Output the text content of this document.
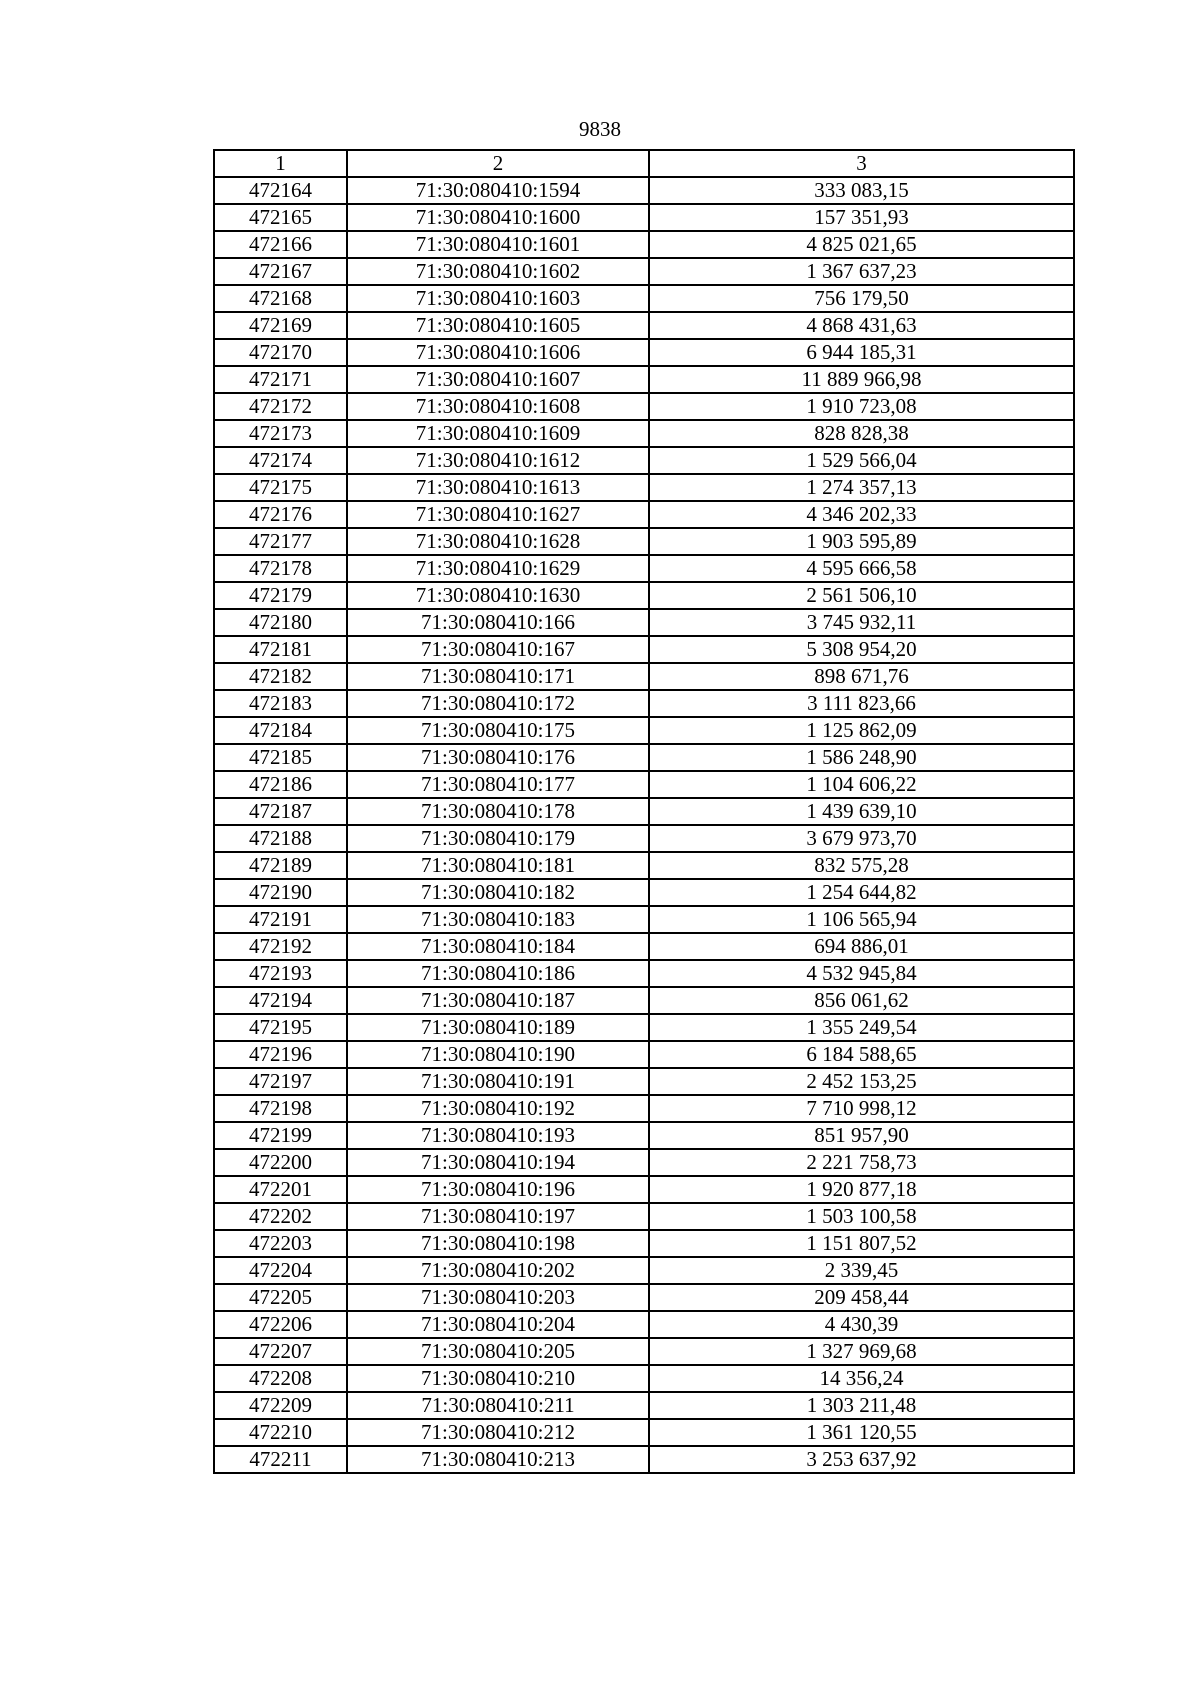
9838
1	2	3
472164	71:30:080410:1594	333 083,15
472165	71:30:080410:1600	157 351,93
472166	71:30:080410:1601	4 825 021,65
472167	71:30:080410:1602	1 367 637,23
472168	71:30:080410:1603	756 179,50
472169	71:30:080410:1605	4 868 431,63
472170	71:30:080410:1606	6 944 185,31
472171	71:30:080410:1607	11 889 966,98
472172	71:30:080410:1608	1 910 723,08
472173	71:30:080410:1609	828 828,38
472174	71:30:080410:1612	1 529 566,04
472175	71:30:080410:1613	1 274 357,13
472176	71:30:080410:1627	4 346 202,33
472177	71:30:080410:1628	1 903 595,89
472178	71:30:080410:1629	4 595 666,58
472179	71:30:080410:1630	2 561 506,10
472180	71:30:080410:166	3 745 932,11
472181	71:30:080410:167	5 308 954,20
472182	71:30:080410:171	898 671,76
472183	71:30:080410:172	3 111 823,66
472184	71:30:080410:175	1 125 862,09
472185	71:30:080410:176	1 586 248,90
472186	71:30:080410:177	1 104 606,22
472187	71:30:080410:178	1 439 639,10
472188	71:30:080410:179	3 679 973,70
472189	71:30:080410:181	832 575,28
472190	71:30:080410:182	1 254 644,82
472191	71:30:080410:183	1 106 565,94
472192	71:30:080410:184	694 886,01
472193	71:30:080410:186	4 532 945,84
472194	71:30:080410:187	856 061,62
472195	71:30:080410:189	1 355 249,54
472196	71:30:080410:190	6 184 588,65
472197	71:30:080410:191	2 452 153,25
472198	71:30:080410:192	7 710 998,12
472199	71:30:080410:193	851 957,90
472200	71:30:080410:194	2 221 758,73
472201	71:30:080410:196	1 920 877,18
472202	71:30:080410:197	1 503 100,58
472203	71:30:080410:198	1 151 807,52
472204	71:30:080410:202	2 339,45
472205	71:30:080410:203	209 458,44
472206	71:30:080410:204	4 430,39
472207	71:30:080410:205	1 327 969,68
472208	71:30:080410:210	14 356,24
472209	71:30:080410:211	1 303 211,48
472210	71:30:080410:212	1 361 120,55
472211	71:30:080410:213	3 253 637,92
